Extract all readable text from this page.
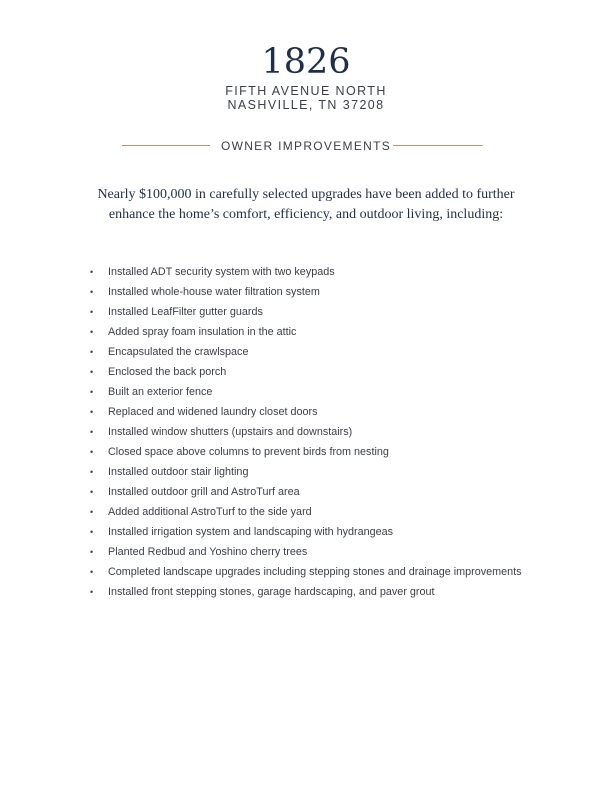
1826
FIFTH AVENUE NORTH
NASHVILLE, TN 37208
OWNER IMPROVEMENTS
Nearly $100,000 in carefully selected upgrades have been added to further
enhance the home’s comfort, efficiency, and outdoor living, including:
• Installed ADT security system with two keypads
• Installed whole-house water filtration system
• Installed LeafFilter gutter guards
• Added spray foam insulation in the attic
• Encapsulated the crawlspace
• Enclosed the back porch
• Built an exterior fence
• Replaced and widened laundry closet doors
• Installed window shutters (upstairs and downstairs)
• Closed space above columns to prevent birds from nesting
• Installed outdoor stair lighting
• Installed outdoor grill and AstroTurf area
• Added additional AstroTurf to the side yard
• Installed irrigation system and landscaping with hydrangeas
• Planted Redbud and Yoshino cherry trees
• Completed landscape upgrades including stepping stones and drainage improvements
• Installed front stepping stones, garage hardscaping, and paver grout
